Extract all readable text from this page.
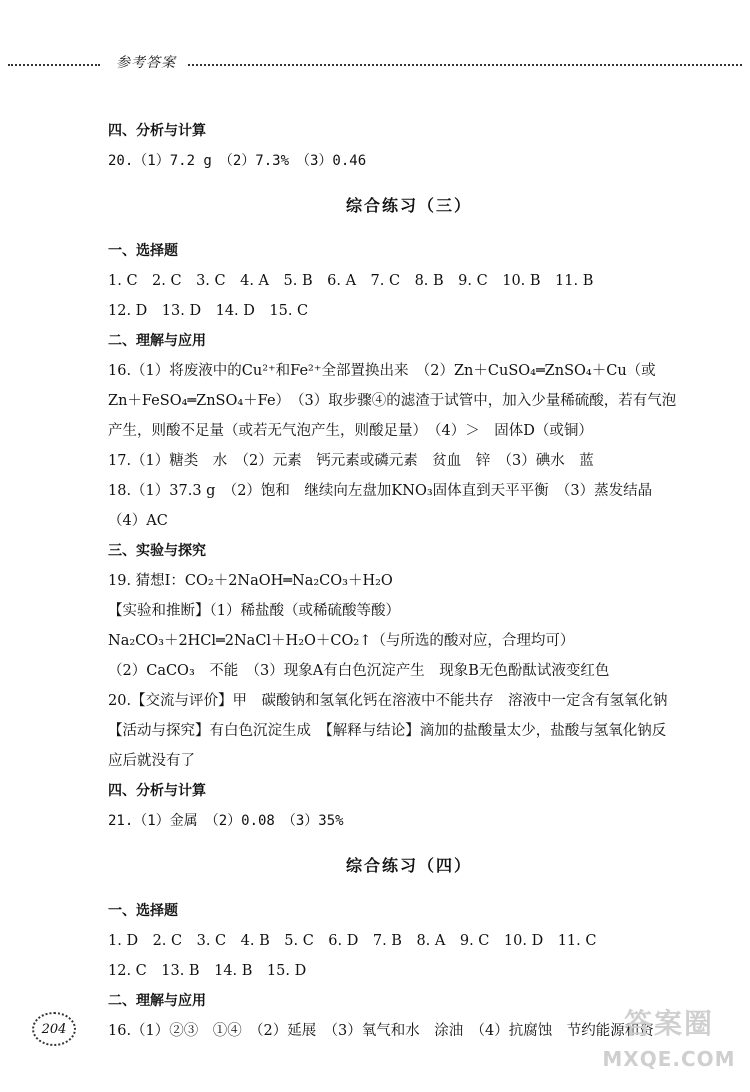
参考答案
四、分析与计算
20.（1）7.2 g　（2）7.3%　（3）0.46
综合练习（三）
一、选择题
1. C　2. C　3. C　4. A　5. B　6. A　7. C　8. B　9. C　10. B　11. B
12. D　13. D　14. D　15. C
二、理解与应用
16.（1）将废液中的Cu²⁺和Fe²⁺全部置换出来　（2）Zn＋CuSO₄═ZnSO₄＋Cu（或
Zn＋FeSO₄═ZnSO₄＋Fe）　（3）取步骤④的滤渣于试管中，加入少量稀硫酸，若有气泡
产生，则酸不足量（或若无气泡产生，则酸足量）　（4）＞　固体D（或铜）
17.（1）糖类　水　（2）元素　钙元素或磷元素　贫血　锌　（3）碘水　蓝
18.（1）37.3 g　（2）饱和　继续向左盘加KNO₃固体直到天平平衡　（3）蒸发结晶
（4）AC
三、实验与探究
19. 猜想Ⅰ：CO₂＋2NaOH═Na₂CO₃＋H₂O
【实验和推断】（1）稀盐酸（或稀硫酸等酸）
Na₂CO₃＋2HCl═2NaCl＋H₂O＋CO₂↑（与所选的酸对应，合理均可）
（2）CaCO₃　不能　（3）现象A有白色沉淀产生　现象B无色酚酞试液变红色
20.【交流与评价】甲　碳酸钠和氢氧化钙在溶液中不能共存　溶液中一定含有氢氧化钠
【活动与探究】有白色沉淀生成　【解释与结论】滴加的盐酸量太少，盐酸与氢氧化钠反
应后就没有了
四、分析与计算
21.（1）金属　（2）0.08　（3）35%
综合练习（四）
一、选择题
1. D　2. C　3. C　4. B　5. C　6. D　7. B　8. A　9. C　10. D　11. C
12. C　13. B　14. B　15. D
二、理解与应用
16.（1）②③　①④　（2）延展　（3）氧气和水　涂油　（4）抗腐蚀　节约能源和资
204	答案圈
MXQE.COM
